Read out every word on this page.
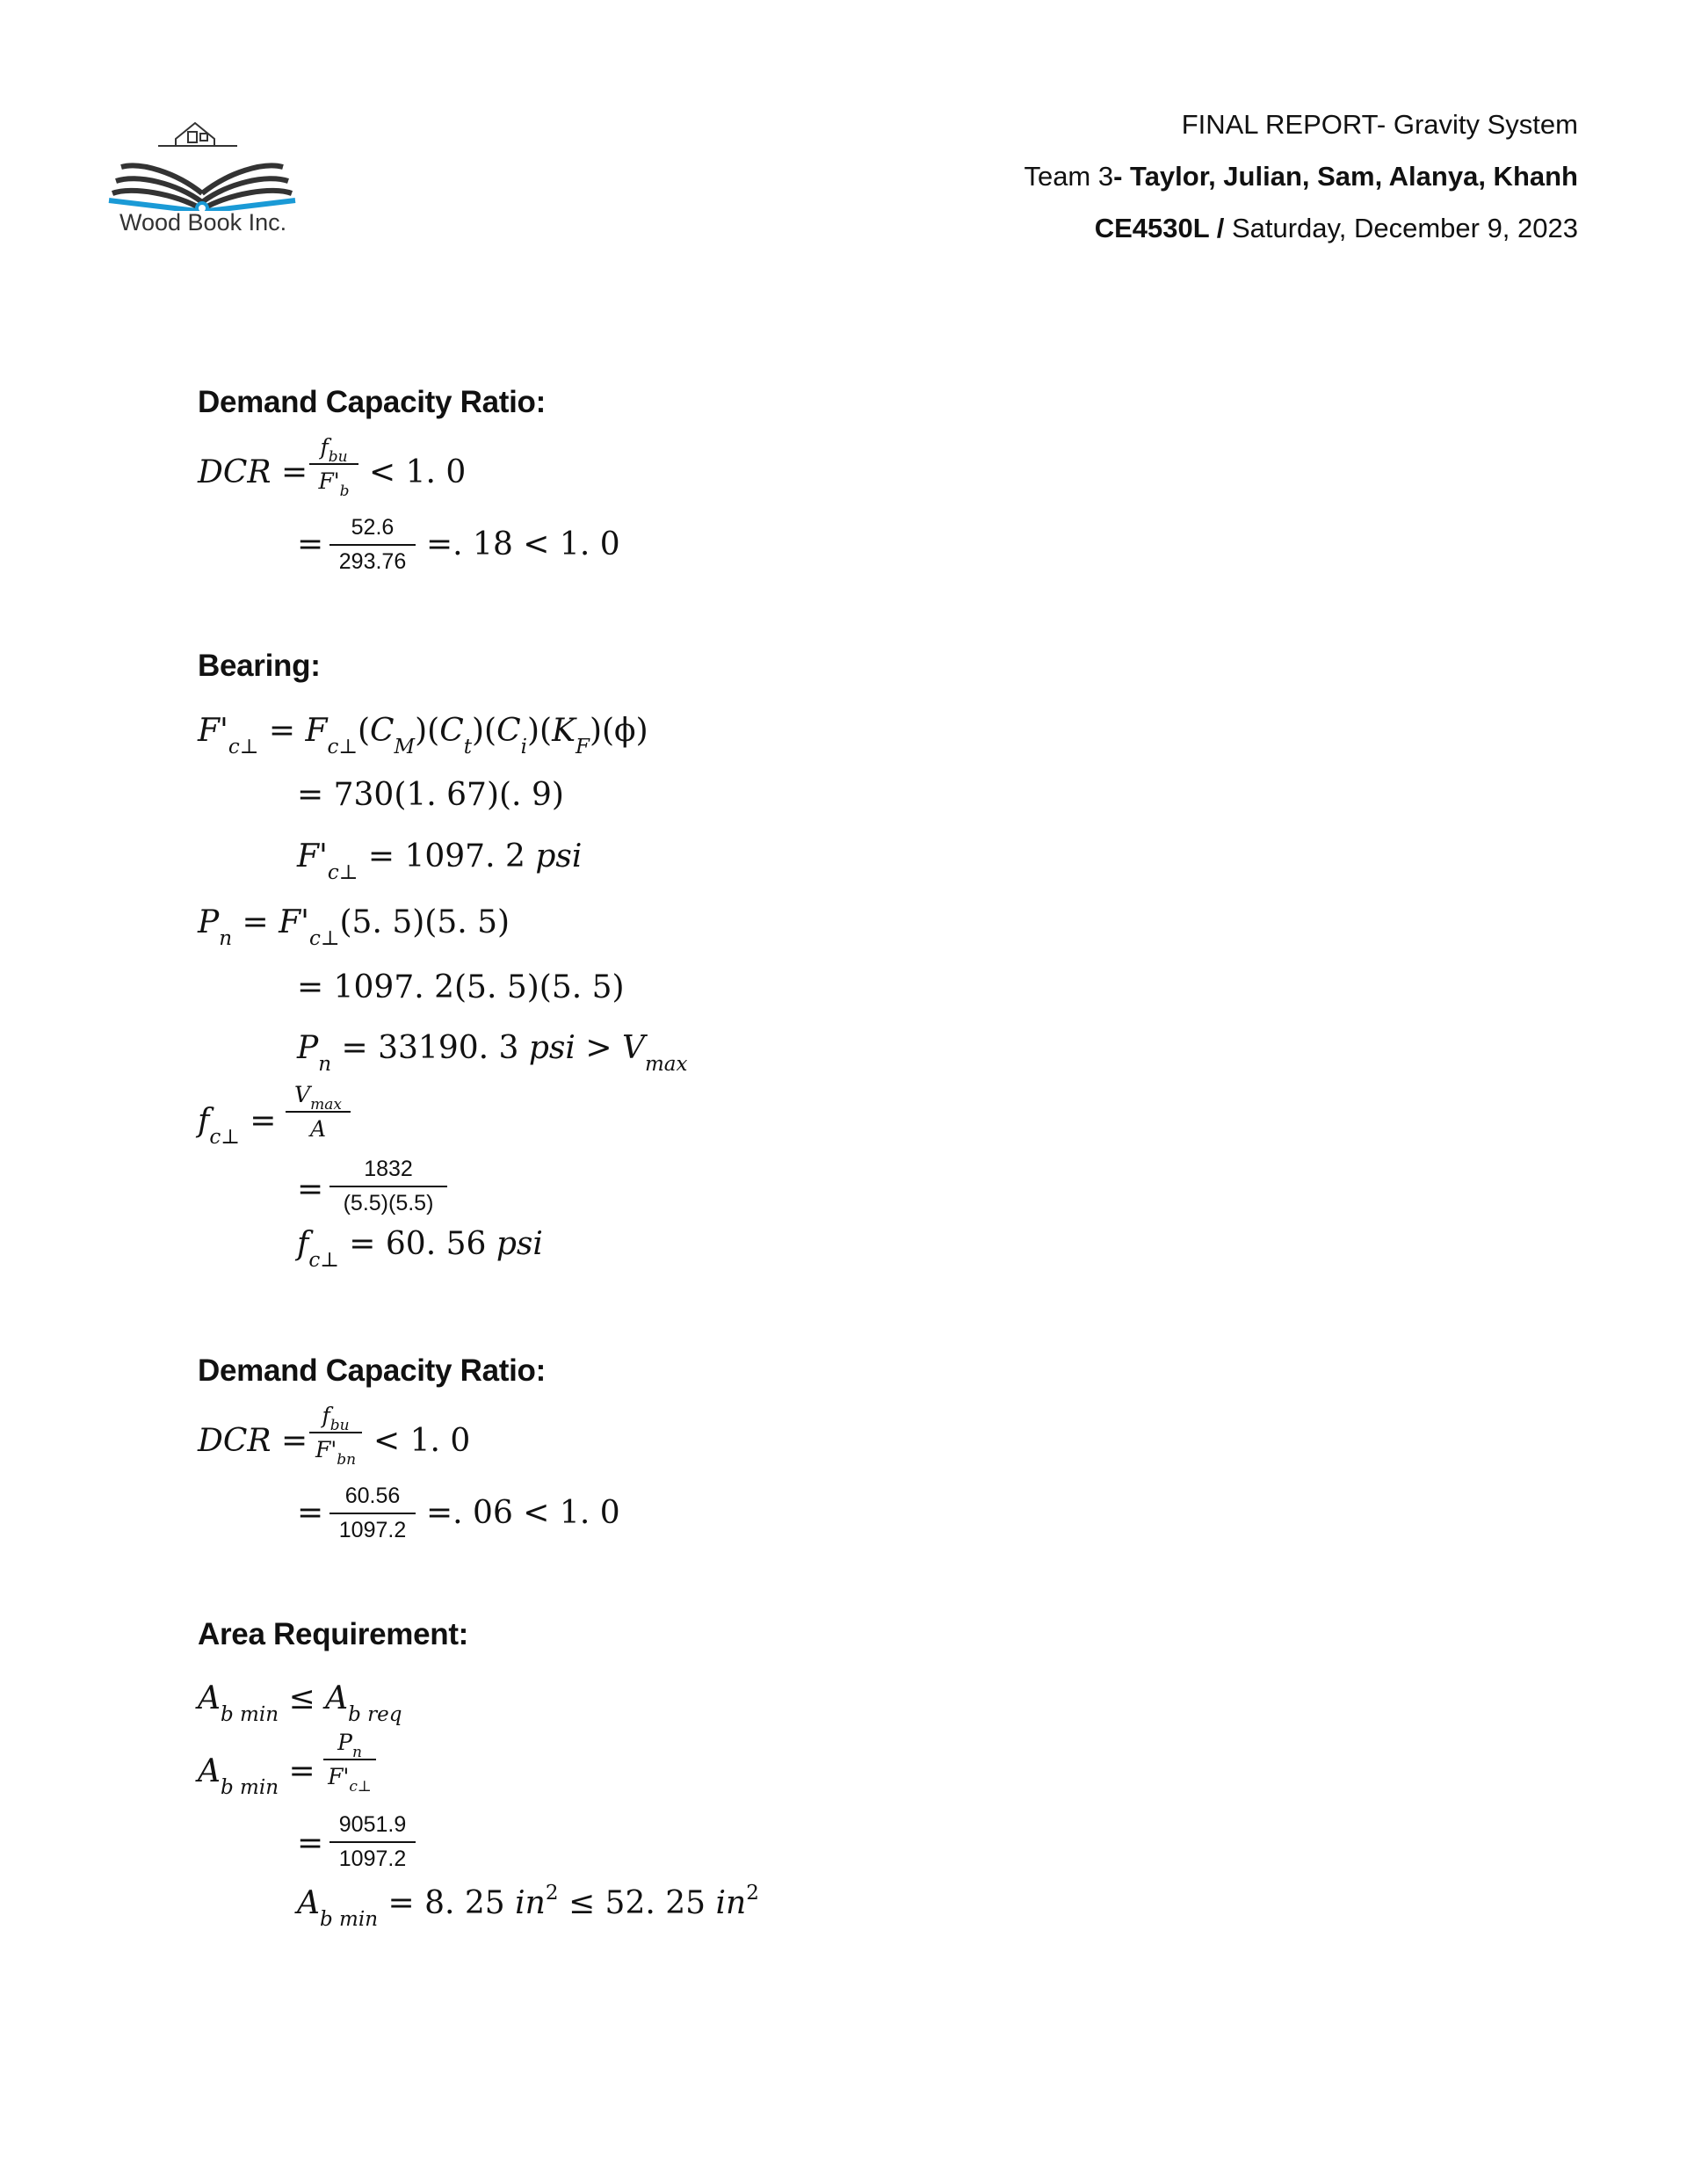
Wood Book Inc.
FINAL REPORT- Gravity System
Team 3- Taylor, Julian, Sam, Alanya, Khanh
CE4530L / Saturday, December 9, 2023
Demand Capacity Ratio:
DCR =
$f_{bu}$
$F'_b$
< 1. 0
=	52.6
293.76 =. 18 < 1. 0
Bearing:
$F'_{c\perp} = F_{c\perp}(C_M)(C_t)(C_i)(K_F)(\phi)$
= 730(1. 67)(. 9)
$F'_{c\perp} = 1097$. 2 psi
$P_n = F'_{c\perp}(5$. 5)(5. 5)
= 1097. 2(5. 5)(5. 5)
$P_n = 33190$. 3 psi > $V_{max}$
$f_{c\perp}$ =
$V_{max}$
A
=
1832
(5.5)(5.5)
$f_{c\perp} = 60$. 56 psi
Demand Capacity Ratio:
DCR =
$f_{bu}$
$F'_{bn}$
< 1. 0
= 60.56
1097.2 =. 06 < 1. 0
Area Requirement:
$A_{b min} \le A_{b req}$
$A_{b min}$ =
$P_n$
$F'_{c\perp}$
=
9051.9
1097.2
$A_{b min} = 8$. 25 $in^2 \le 52$. 25 $in^2$
